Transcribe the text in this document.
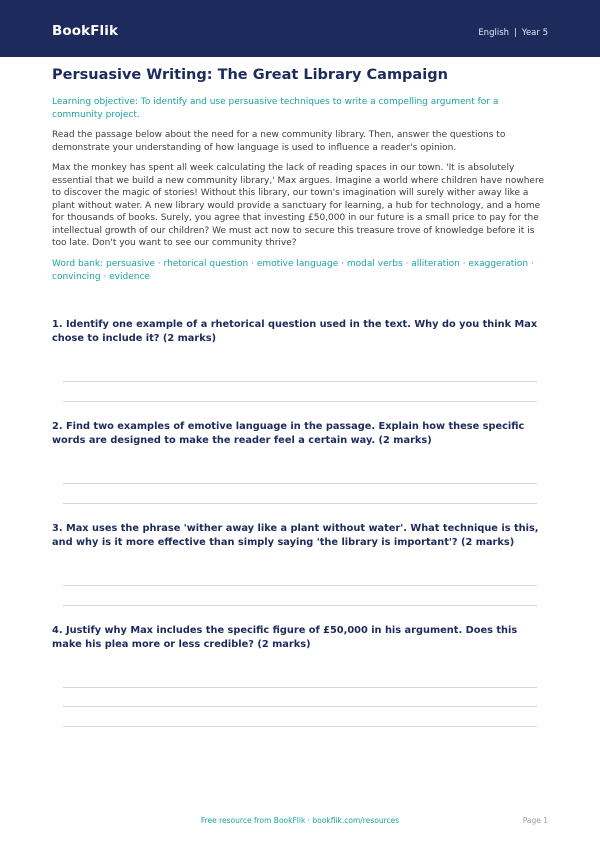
BookFlik	English | Year 5
Persuasive Writing: The Great Library Campaign
Learning objective: To identify and use persuasive techniques to write a compelling argument for a community project.
Read the passage below about the need for a new community library. Then, answer the questions to demonstrate your understanding of how language is used to influence a reader's opinion.
Max the monkey has spent all week calculating the lack of reading spaces in our town. 'It is absolutely essential that we build a new community library,' Max argues. Imagine a world where children have nowhere to discover the magic of stories! Without this library, our town's imagination will surely wither away like a plant without water. A new library would provide a sanctuary for learning, a hub for technology, and a home for thousands of books. Surely, you agree that investing £50,000 in our future is a small price to pay for the intellectual growth of our children? We must act now to secure this treasure trove of knowledge before it is too late. Don't you want to see our community thrive?
Word bank: persuasive · rhetorical question · emotive language · modal verbs · alliteration · exaggeration · convincing · evidence
1. Identify one example of a rhetorical question used in the text. Why do you think Max chose to include it? (2 marks)
2. Find two examples of emotive language in the passage. Explain how these specific words are designed to make the reader feel a certain way. (2 marks)
3. Max uses the phrase 'wither away like a plant without water'. What technique is this, and why is it more effective than simply saying 'the library is important'? (2 marks)
4. Justify why Max includes the specific figure of £50,000 in his argument. Does this make his plea more or less credible? (2 marks)
Free resource from BookFlik · bookflik.com/resources	Page 1
